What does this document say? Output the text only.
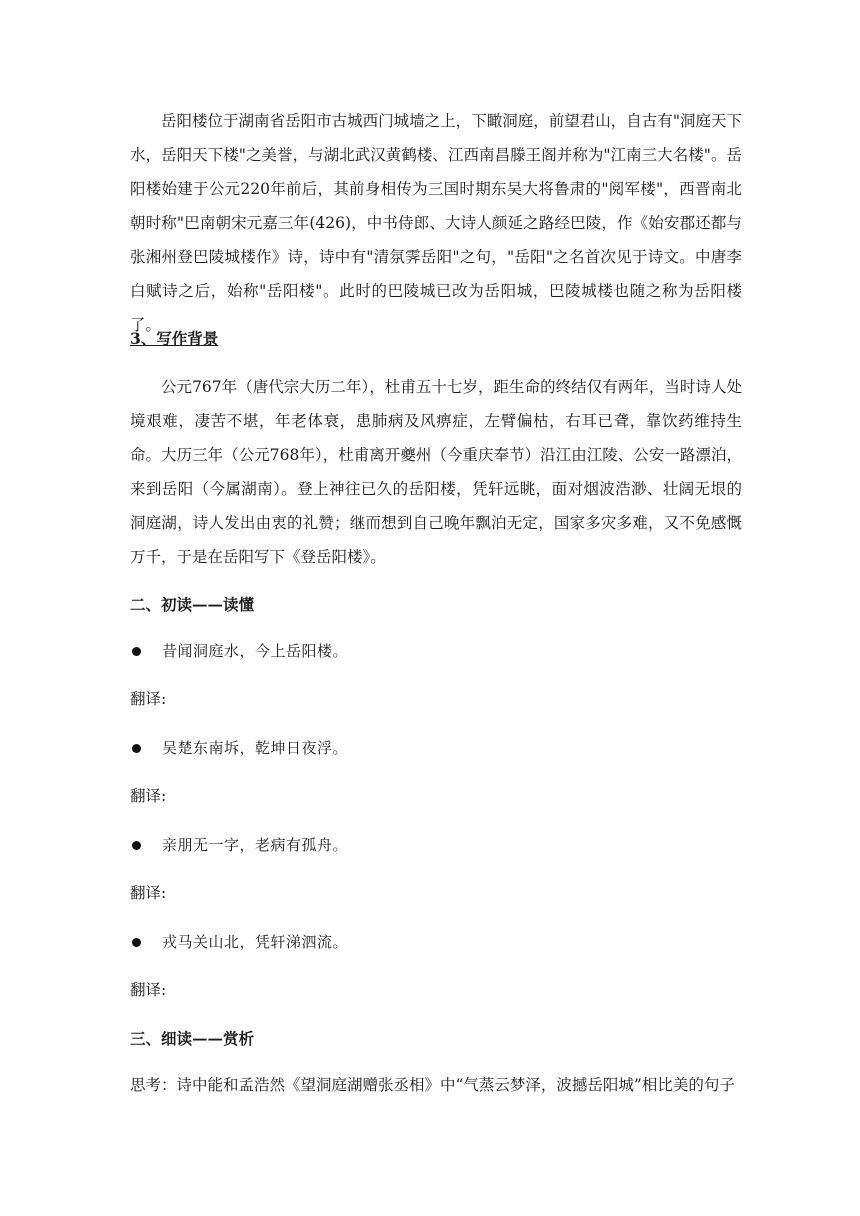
岳阳楼位于湖南省岳阳市古城西门城墙之上，下瞰洞庭，前望君山，自古有"洞庭天下水，岳阳天下楼"之美誉，与湖北武汉黄鹤楼、江西南昌滕王阁并称为"江南三大名楼"。岳阳楼始建于公元220年前后，其前身相传为三国时期东吴大将鲁肃的"阅军楼"，西晋南北朝时称"巴南朝宋元嘉三年(426)，中书侍郎、大诗人颜延之路经巴陵，作《始安郡还都与张湘州登巴陵城楼作》诗，诗中有"清氛霁岳阳"之句，"岳阳"之名首次见于诗文。中唐李白赋诗之后，始称"岳阳楼"。此时的巴陵城已改为岳阳城，巴陵城楼也随之称为岳阳楼了。

3、写作背景

公元767年（唐代宗大历二年），杜甫五十七岁，距生命的终结仅有两年，当时诗人处境艰难，凄苦不堪，年老体衰，患肺病及风痹症，左臂偏枯，右耳已聋，靠饮药维持生命。大历三年（公元768年），杜甫离开夔州（今重庆奉节）沿江由江陵、公安一路漂泊，来到岳阳（今属湖南）。登上神往已久的岳阳楼，凭轩远眺，面对烟波浩渺、壮阔无垠的洞庭湖，诗人发出由衷的礼赞；继而想到自己晚年飘泊无定，国家多灾多难，又不免感慨万千，于是在岳阳写下《登岳阳楼》。

二、初读——读懂

昔闻洞庭水，今上岳阳楼。

翻译:

吴楚东南坼，乾坤日夜浮。

翻译:

亲朋无一字，老病有孤舟。

翻译:

戎马关山北，凭轩涕泗流。

翻译:

三、细读——赏析

思考：诗中能和孟浩然《望洞庭湖赠张丞相》中“气蒸云梦泽，波撼岳阳城”相比美的句子
